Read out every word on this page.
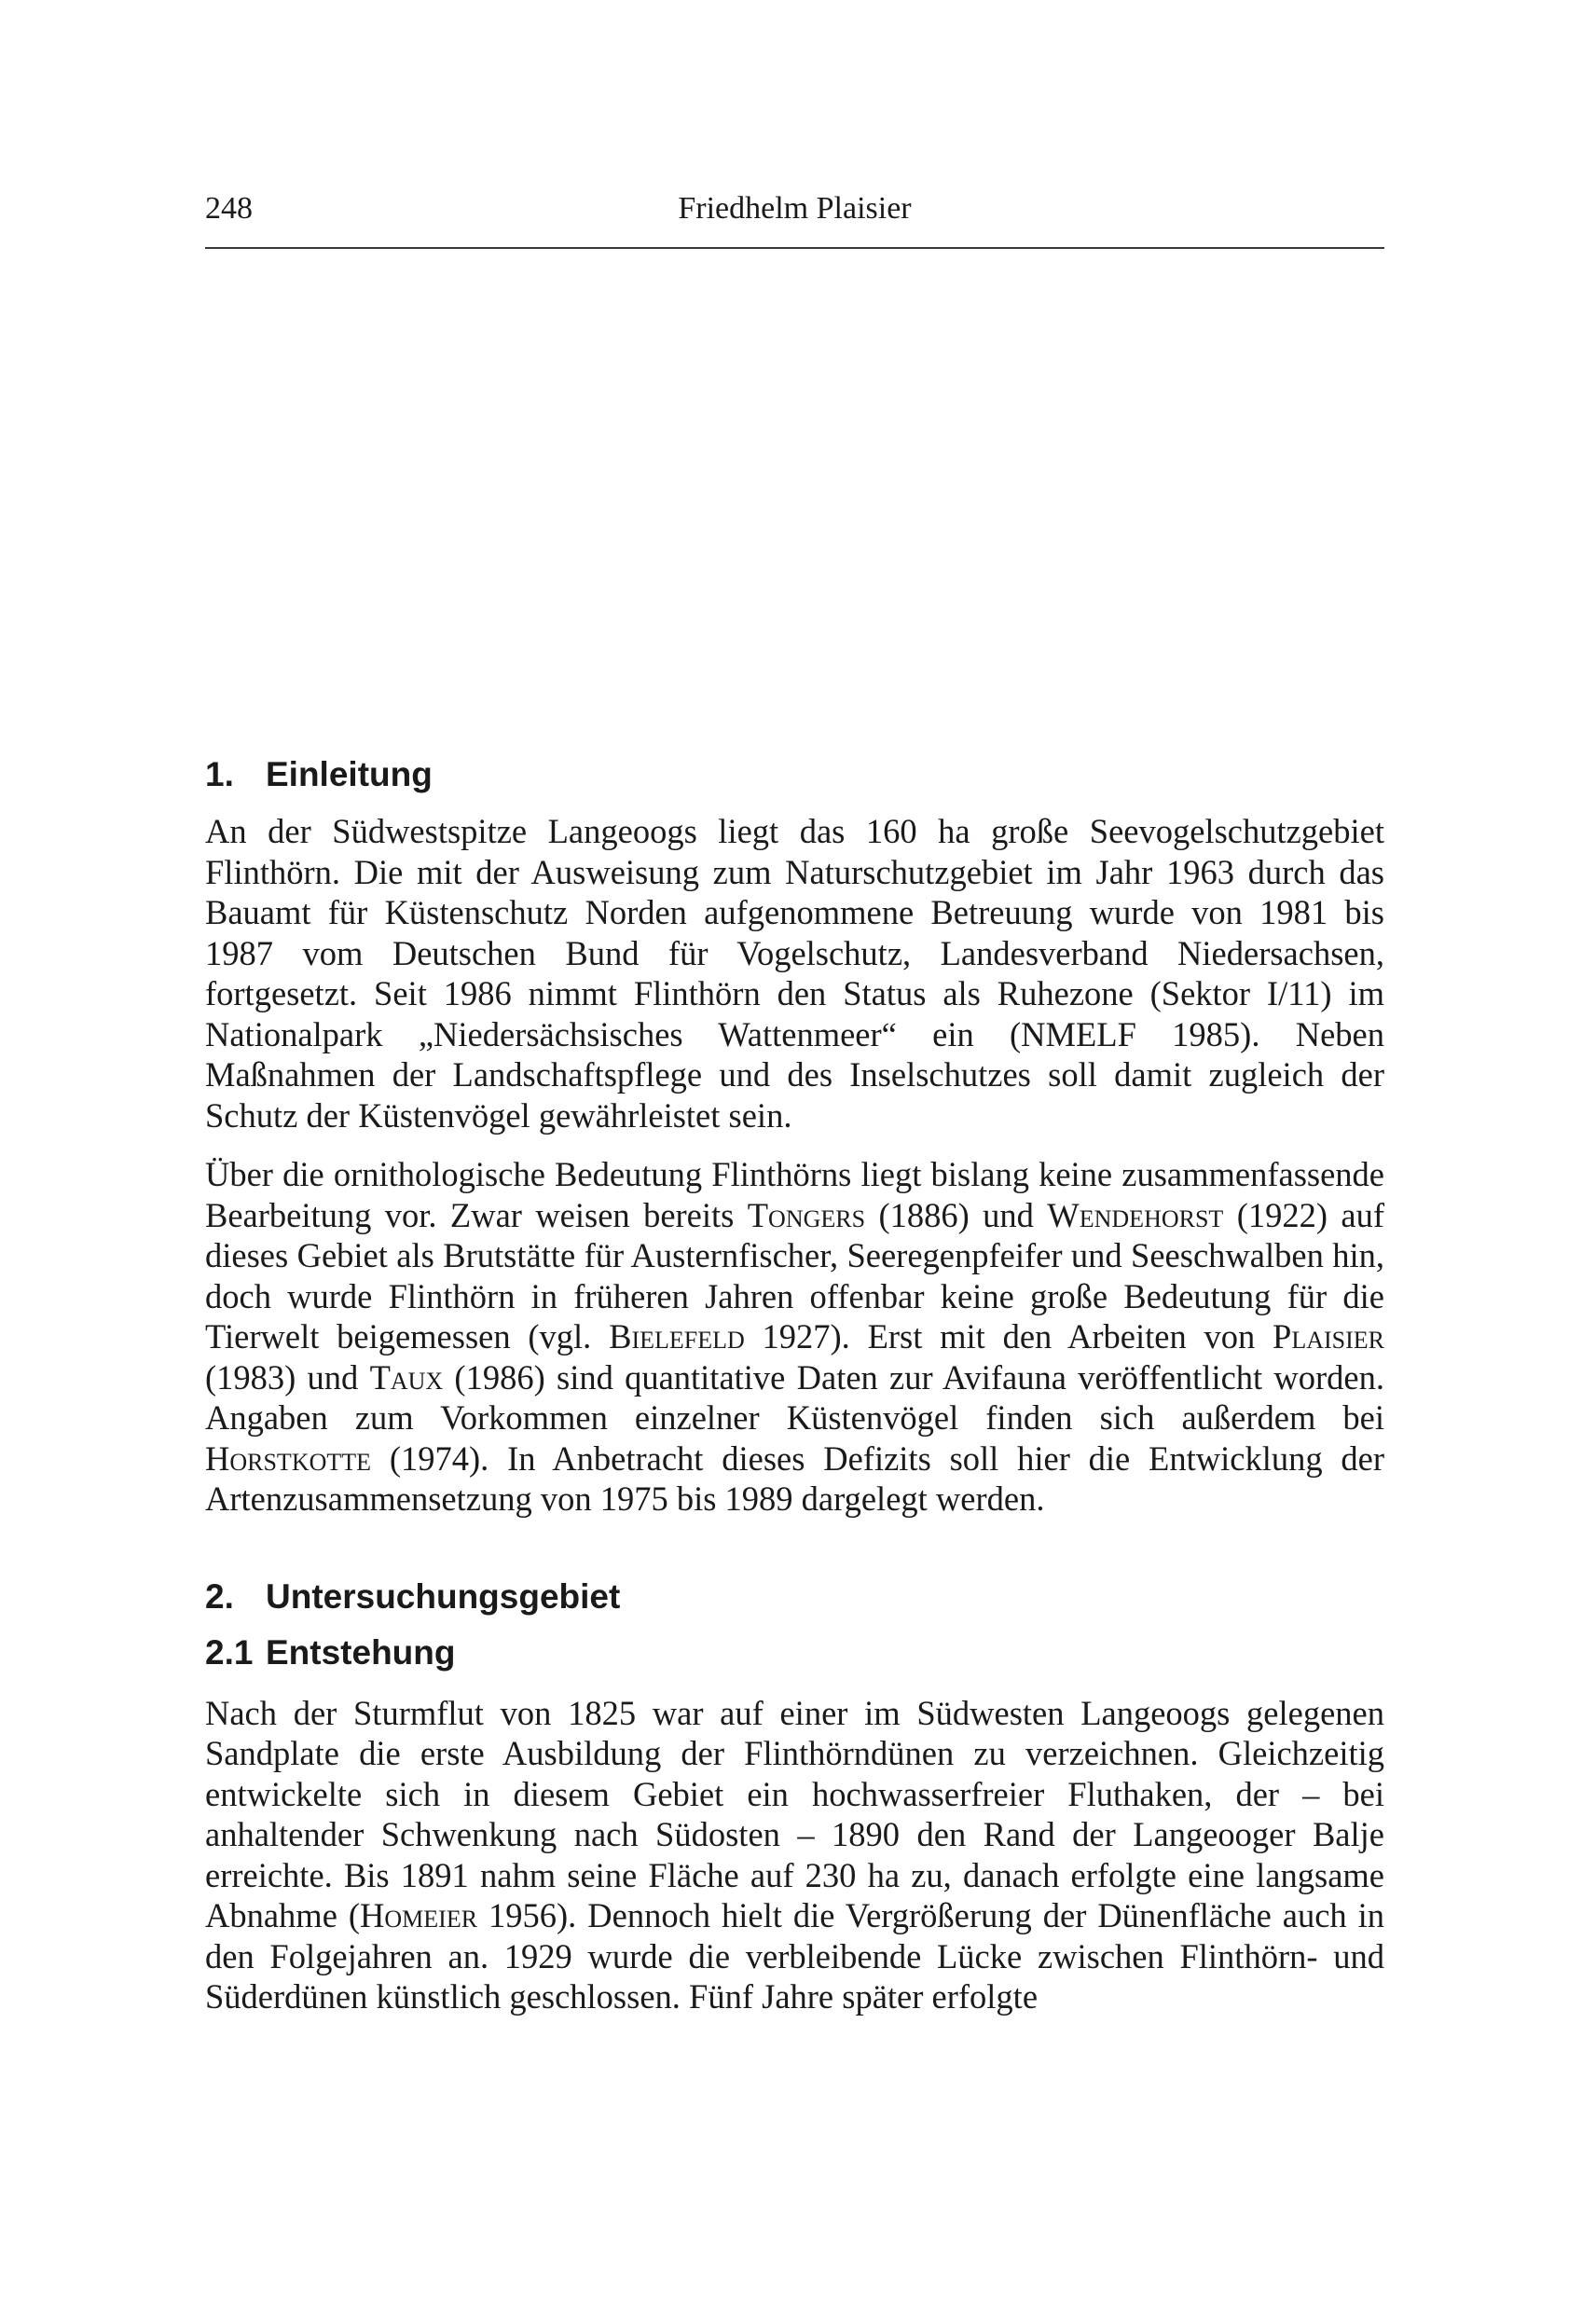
248	Friedhelm Plaisier
1. Einleitung

An der Südwestspitze Langeoogs liegt das 160 ha große Seevogelschutzgebiet Flinthörn. Die mit der Ausweisung zum Naturschutzgebiet im Jahr 1963 durch das Bauamt für Küstenschutz Norden aufgenommene Betreuung wurde von 1981 bis 1987 vom Deutschen Bund für Vogelschutz, Landesverband Niedersachsen, fortgesetzt. Seit 1986 nimmt Flinthörn den Status als Ruhezone (Sektor I/11) im Nationalpark „Niedersächsisches Wattenmeer“ ein (NMELF 1985). Neben Maßnahmen der Landschaftspflege und des Inselschutzes soll damit zugleich der Schutz der Küstenvögel gewährleistet sein.

Über die ornithologische Bedeutung Flinthörns liegt bislang keine zusammenfassende Bearbeitung vor. Zwar weisen bereits Tongers (1886) und Wendehorst (1922) auf dieses Gebiet als Brutstätte für Austernfischer, Seeregenpfeifer und Seeschwalben hin, doch wurde Flinthörn in früheren Jahren offenbar keine große Bedeutung für die Tierwelt beigemessen (vgl. Bielefeld 1927). Erst mit den Arbeiten von Plaisier (1983) und Taux (1986) sind quantitative Daten zur Avifauna veröffentlicht worden. Angaben zum Vorkommen einzelner Küstenvögel finden sich außerdem bei Horstkotte (1974). In Anbetracht dieses Defizits soll hier die Entwicklung der Artenzusammensetzung von 1975 bis 1989 dargelegt werden.

2. Untersuchungsgebiet
2.1 Entstehung

Nach der Sturmflut von 1825 war auf einer im Südwesten Langeoogs gelegenen Sandplate die erste Ausbildung der Flinthörndünen zu verzeichnen. Gleichzeitig entwickelte sich in diesem Gebiet ein hochwasserfreier Fluthaken, der – bei anhaltender Schwenkung nach Südosten – 1890 den Rand der Langeooger Balje erreichte. Bis 1891 nahm seine Fläche auf 230 ha zu, danach erfolgte eine langsame Abnahme (Homeier 1956). Dennoch hielt die Vergrößerung der Dünenfläche auch in den Folgejahren an. 1929 wurde die verbleibende Lücke zwischen Flinthörn- und Süderdünen künstlich geschlossen. Fünf Jahre später erfolgte
